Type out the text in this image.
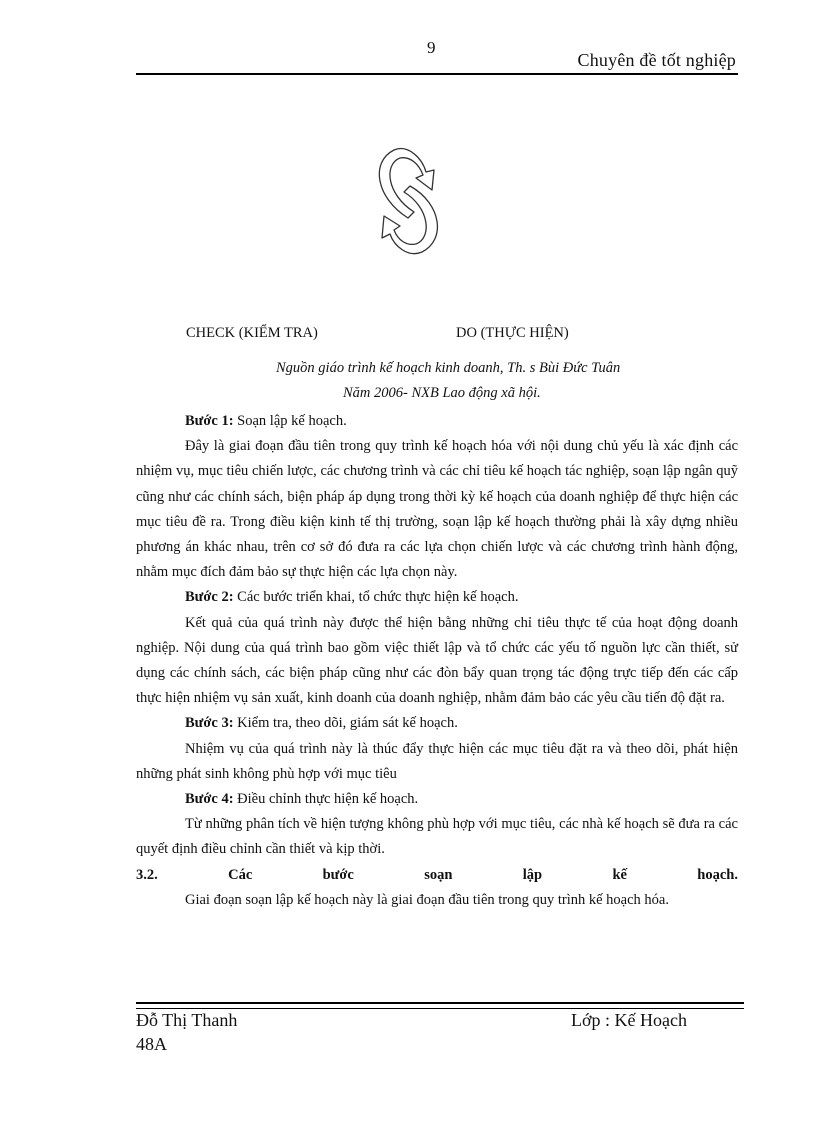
9
Chuyên đề tốt nghiệp
CHECK (KIỂM TRA)	DO (THỰC HIỆN)
Nguồn giáo trình kế hoạch kinh doanh, Th. s Bùi Đức Tuân
Năm 2006- NXB Lao động xã hội.

Bước 1: Soạn lập kế hoạch.

Đây là giai đoạn đầu tiên trong quy trình kế hoạch hóa với nội dung chủ yếu là xác định các nhiệm vụ, mục tiêu chiến lược, các chương trình và các chỉ tiêu kế hoạch tác nghiệp, soạn lập ngân quỹ cũng như các chính sách, biện pháp áp dụng trong thời kỳ kế hoạch của doanh nghiệp để thực hiện các mục tiêu đề ra. Trong điều kiện kinh tế thị trường, soạn lập kế hoạch thường phải là xây dựng nhiều phương án khác nhau, trên cơ sở đó đưa ra các lựa chọn chiến lược và các chương trình hành động, nhằm mục đích đảm bảo sự thực hiện các lựa chọn này.

Bước 2: Các bước triển khai, tổ chức thực hiện kế hoạch.

Kết quả của quá trình này được thể hiện bằng những chỉ tiêu thực tế của hoạt động doanh nghiệp. Nội dung của quá trình bao gồm việc thiết lập và tổ chức các yếu tố nguồn lực cần thiết, sử dụng các chính sách, các biện pháp cũng như các đòn bẩy quan trọng tác động trực tiếp đến các cấp thực hiện nhiệm vụ sản xuất, kinh doanh của doanh nghiệp, nhằm đảm bảo các yêu cầu tiến độ đặt ra.

Bước 3: Kiểm tra, theo dõi, giám sát kế hoạch.

Nhiệm vụ của quá trình này là thúc đẩy thực hiện các mục tiêu đặt ra và theo dõi, phát hiện những phát sinh không phù hợp với mục tiêu

Bước 4: Điều chỉnh thực hiện kế hoạch.

Từ những phân tích về hiện tượng không phù hợp với mục tiêu, các nhà kế hoạch sẽ đưa ra các quyết định điều chỉnh cần thiết và kịp thời.

3.2.	Các	bước	soạn	lập	kế	hoạch.

Giai đoạn soạn lập kế hoạch này là giai đoạn đầu tiên trong quy trình kế hoạch hóa.

Đỗ Thị Thanh
48A
Lớp : Kế Hoạch
